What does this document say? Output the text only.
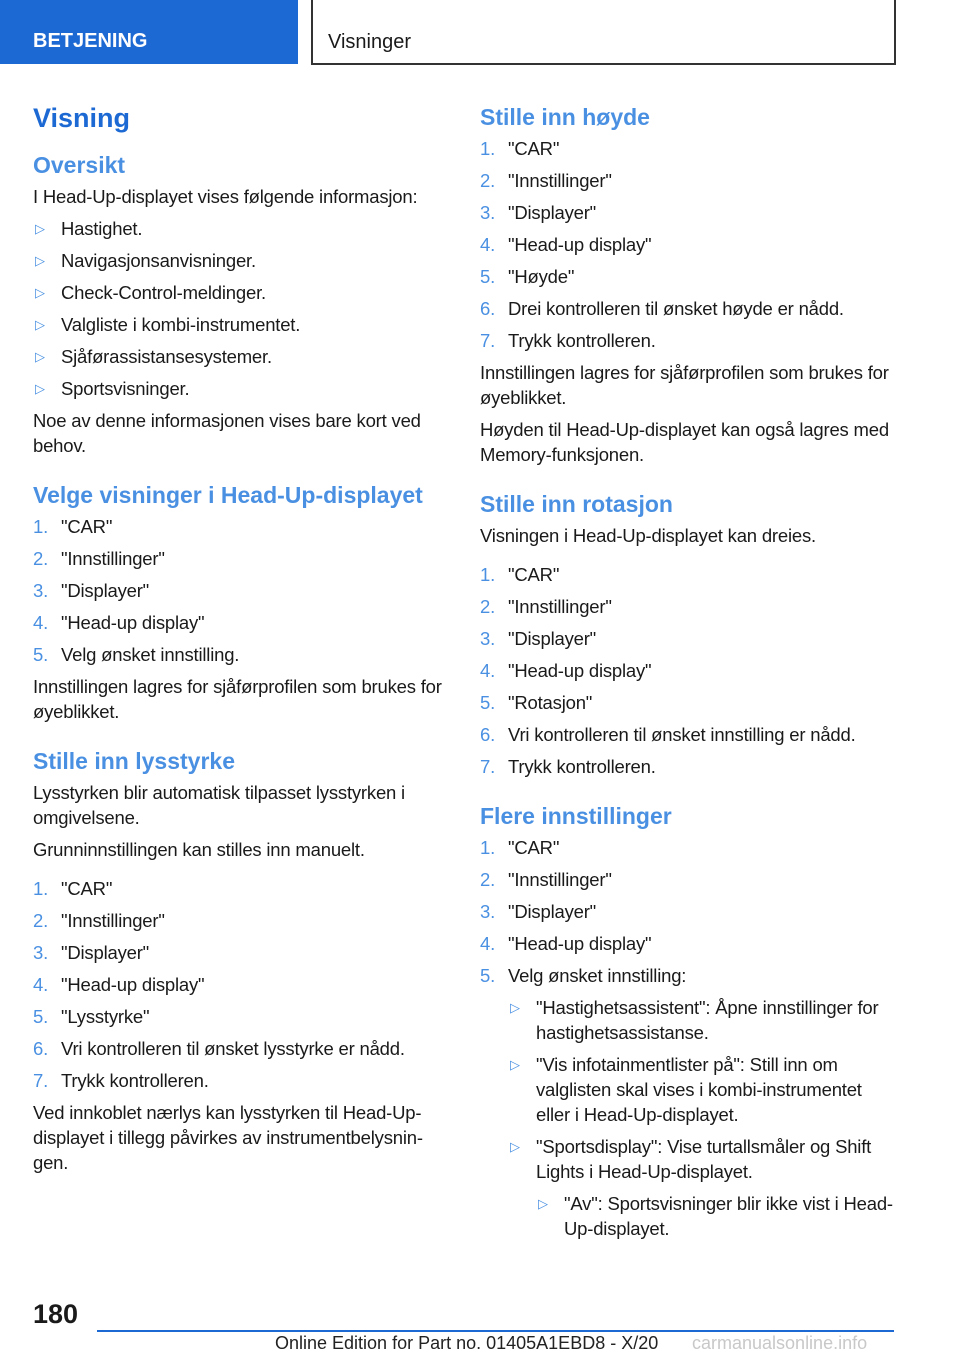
BETJENING	Visninger
Visning
Oversikt

I Head-Up-displayet vises følgende informasjon:

▷ Hastighet.
▷ Navigasjonsanvisninger.
▷ Check-Control-meldinger.
▷ Valgliste i kombi-instrumentet.
▷ Sjåførassistansesystemer.
▷ Sportsvisninger.

Noe av denne informasjonen vises bare kort ved behov.

Velge visninger i Head-Up-displayet
1. "CAR"
2. "Innstillinger"
3. "Displayer"
4. "Head-up display"
5. Velg ønsket innstilling.

Innstillingen lagres for sjåførprofilen som brukes for øyeblikket.

Stille inn lysstyrke

Lysstyrken blir automatisk tilpasset lysstyrken i omgivelsene.

Grunninnstillingen kan stilles inn manuelt.

1. "CAR"
2. "Innstillinger"
3. "Displayer"
4. "Head-up display"
5. "Lysstyrke"
6. Vri kontrolleren til ønsket lysstyrke er nådd.
7. Trykk kontrolleren.

Ved innkoblet nærlys kan lysstyrken til Head-Up-displayet i tillegg påvirkes av instrumentbelysnin-gen.

Stille inn høyde
1. "CAR"
2. "Innstillinger"
3. "Displayer"
4. "Head-up display"
5. "Høyde"
6. Drei kontrolleren til ønsket høyde er nådd.
7. Trykk kontrolleren.

Innstillingen lagres for sjåførprofilen som brukes for øyeblikket.

Høyden til Head-Up-displayet kan også lagres med Memory-funksjonen.

Stille inn rotasjon

Visningen i Head-Up-displayet kan dreies.

1. "CAR"
2. "Innstillinger"
3. "Displayer"
4. "Head-up display"
5. "Rotasjon"
6. Vri kontrolleren til ønsket innstilling er nådd.
7. Trykk kontrolleren.
Flere innstillinger
1. "CAR"
2. "Innstillinger"
3. "Displayer"
4. "Head-up display"
5. Velg ønsket innstilling:
▷ "Hastighetsassistent": Åpne innstillinger for hastighetsassistanse.
▷ "Vis infotainmentlister på": Still inn om valglisten skal vises i kombi-instrumentet eller i Head-Up-displayet.
▷ "Sportsdisplay": Vise turtallsmåler og Shift Lights i Head-Up-displayet.
▷ "Av": Sportsvisninger blir ikke vist i Head-Up-displayet.
180
Online Edition for Part no. 01405A1EBD8 - X/20 carmanualsonline.info
